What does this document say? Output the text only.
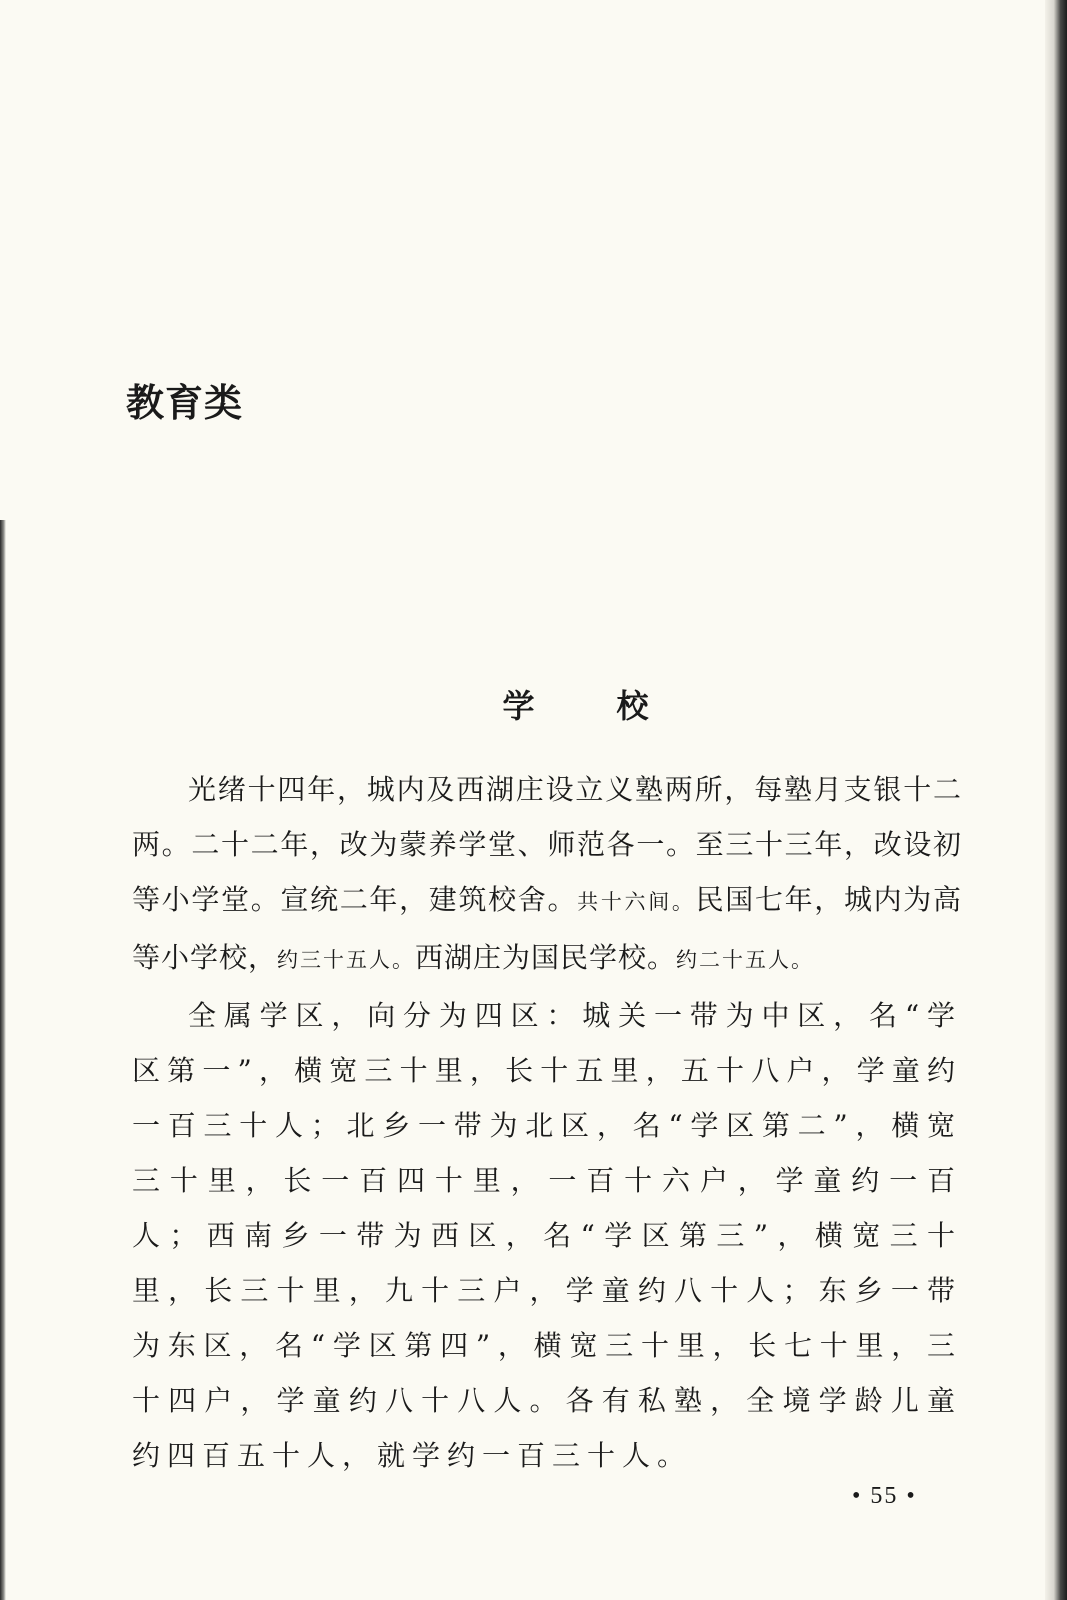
教育类
学	校

光绪十四年，城内及西湖庄设立义塾两所，每塾月支银十二两。二十二年，改为蒙养学堂、师范各一。至三十三年，改设初等小学堂。宣统二年，建筑校舍。共十六间。民国七年，城内为高等小学校，约三十五人。西湖庄为国民学校。约二十五人。

全属学区，向分为四区：城关一带为中区，名“学区第一”，横宽三十里，长十五里，五十八户，学童约一百三十人；北乡一带为北区，名“学区第二”，横宽三十里，长一百四十里，一百十六户，学童约一百人；西南乡一带为西区，名“学区第三”，横宽三十里，长三十里，九十三户，学童约八十人；东乡一带为东区，名“学区第四”，横宽三十里，长七十里，三十四户，学童约八十八人。各有私塾，全境学龄儿童约四百五十人，就学约一百三十人。

• 55 •
